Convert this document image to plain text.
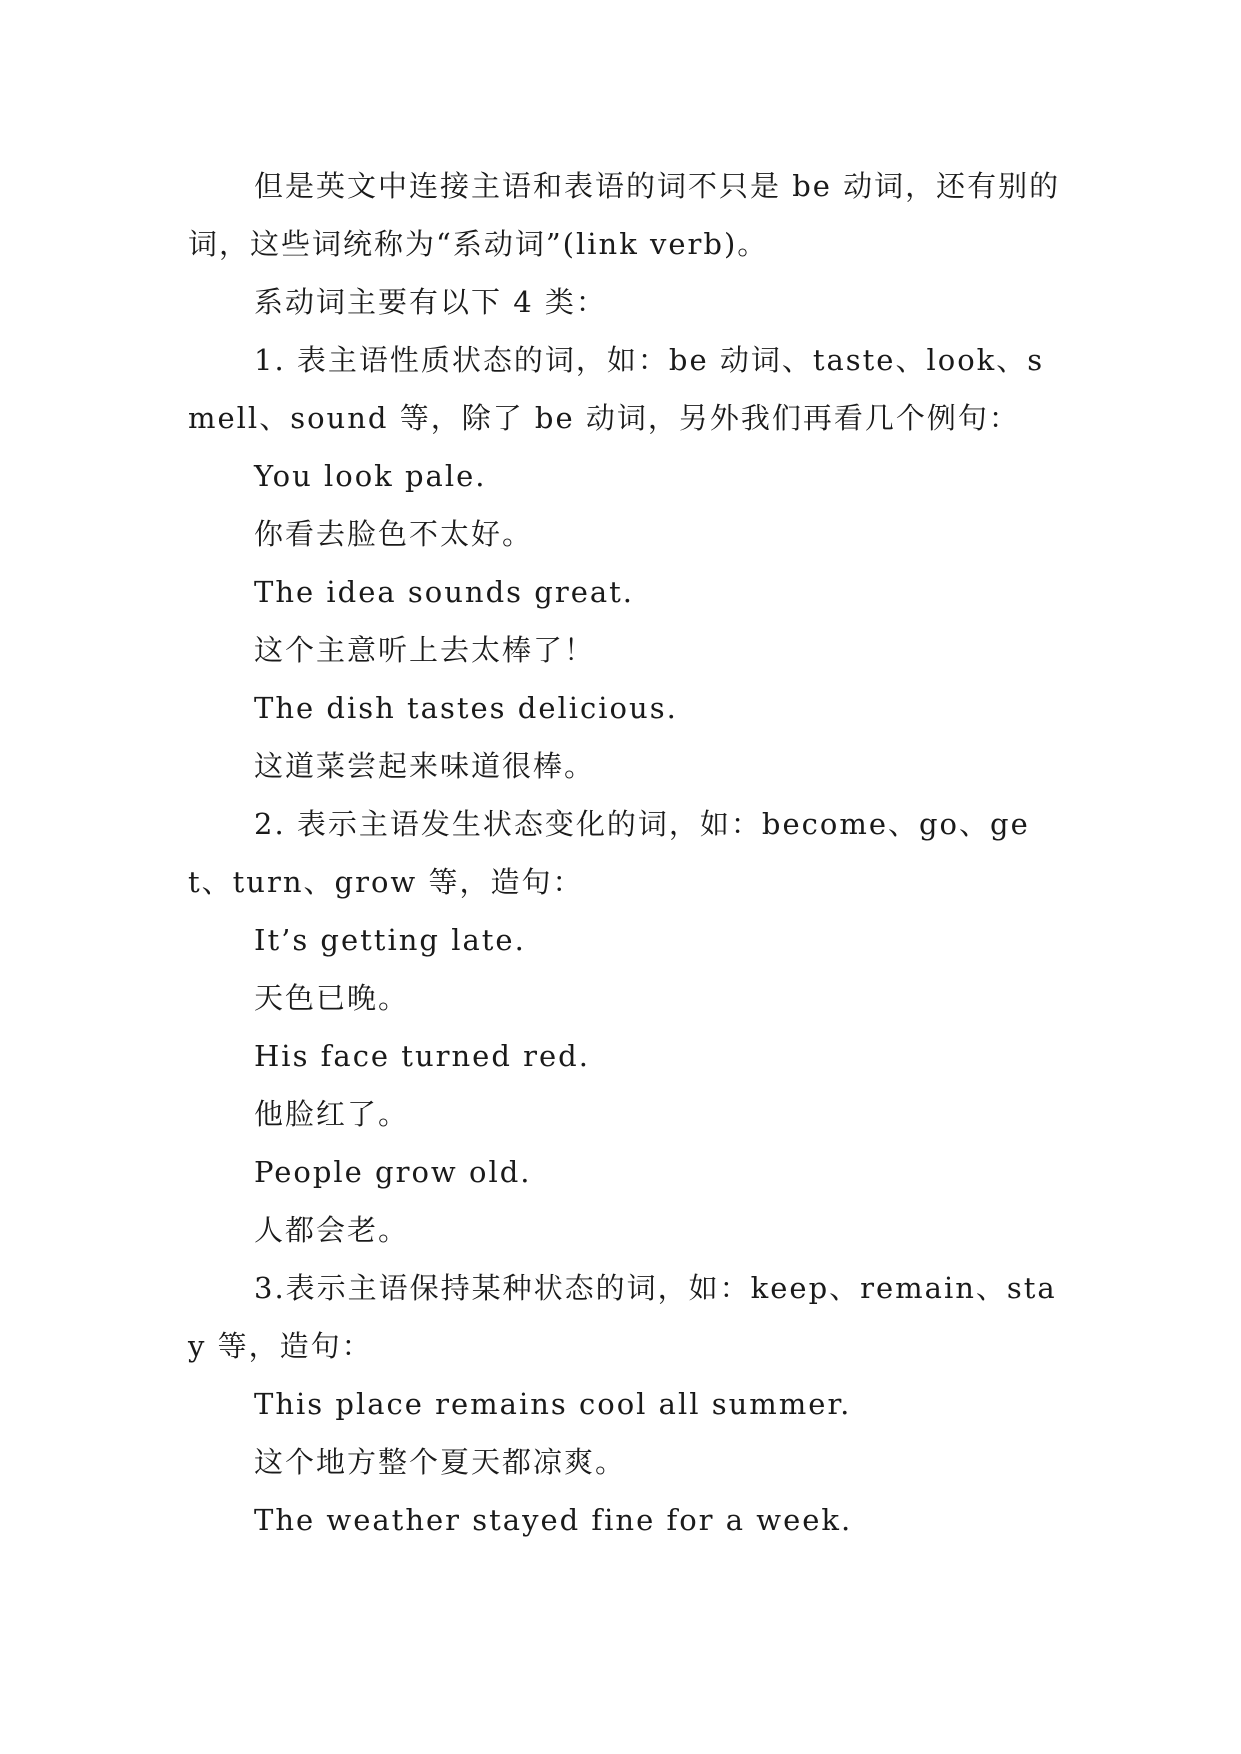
但是英文中连接主语和表语的词不只是 be 动词，还有别的词，这些词统称为“系动词”(link verb)。

系动词主要有以下 4 类：

1. 表主语性质状态的词，如：be 动词、taste、look、smell、sound 等，除了 be 动词，另外我们再看几个例句：

You look pale.

你看去脸色不太好。

The idea sounds great.

这个主意听上去太棒了！

The dish tastes delicious.

这道菜尝起来味道很棒。

2. 表示主语发生状态变化的词，如：become、go、get、turn、grow 等，造句：

It’s getting late.

天色已晚。

His face turned red.

他脸红了。

People grow old.

人都会老。

3.表示主语保持某种状态的词，如：keep、remain、stay 等，造句：

This place remains cool all summer.

这个地方整个夏天都凉爽。

The weather stayed fine for a week.
